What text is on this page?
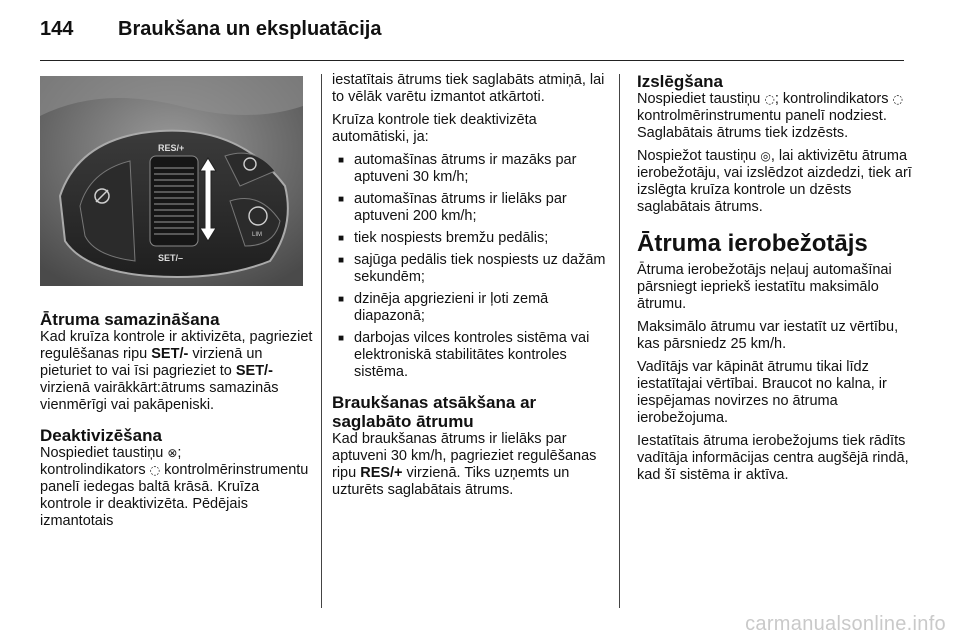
144 Braukšana un ekspluatācija
RES/+
SET/–
LIM

Ātruma samazināšana

Kad kruīza kontrole ir aktivizēta, pagrieziet regulēšanas ripu SET/- virzienā un pieturiet to vai īsi pagrieziet to SET/- virzienā vairākkārt:ātrums samazinās vienmērīgi vai pakāpeniski.

Deaktivizēšana

Nospiediet taustiņu ⊗;
kontrolindikators ◌ kontrolmērinstrumentu panelī iedegas baltā krāsā. Kruīza kontrole ir deaktivizēta. Pēdējais izmantotais

iestatītais ātrums tiek saglabāts atmiņā, lai to vēlāk varētu izmantot atkārtoti.

Kruīza kontrole tiek deaktivizēta automātiski, ja:

■ automašīnas ātrums ir mazāks par aptuveni 30 km/h;
■ automašīnas ātrums ir lielāks par aptuveni 200 km/h;
■ tiek nospiests bremžu pedālis;
■ sajūga pedālis tiek nospiests uz dažām sekundēm;
■ dzinēja apgriezieni ir ļoti zemā diapazonā;
■ darbojas vilces kontroles sistēma vai elektroniskā stabilitātes kontroles sistēma.

Braukšanas atsākšana ar saglabāto ātrumu

Kad braukšanas ātrums ir lielāks par aptuveni 30 km/h, pagrieziet regulēšanas ripu RES/+ virzienā. Tiks uzņemts un uzturēts saglabātais ātrums.

Izslēgšana

Nospiediet taustiņu ◌; kontrolindikators ◌ kontrolmērinstrumentu panelī nodziest. Saglabātais ātrums tiek izdzēsts.

Nospiežot taustiņu ◎, lai aktivizētu ātruma ierobežotāju, vai izslēdzot aizdedzi, tiek arī izslēgta kruīza kontrole un dzēsts saglabātais ātrums.

Ātruma ierobežotājs

Ātruma ierobežotājs neļauj automašīnai pārsniegt iepriekš iestatītu maksimālo ātrumu.

Maksimālo ātrumu var iestatīt uz vērtību, kas pārsniedz 25 km/h.

Vadītājs var kāpināt ātrumu tikai līdz iestatītajai vērtībai. Braucot no kalna, ir iespējamas novirzes no ātruma ierobežojuma.

Iestatītais ātruma ierobežojums tiek rādīts vadītāja informācijas centra augšējā rindā, kad šī sistēma ir aktīva.

carmanualsonline.info
